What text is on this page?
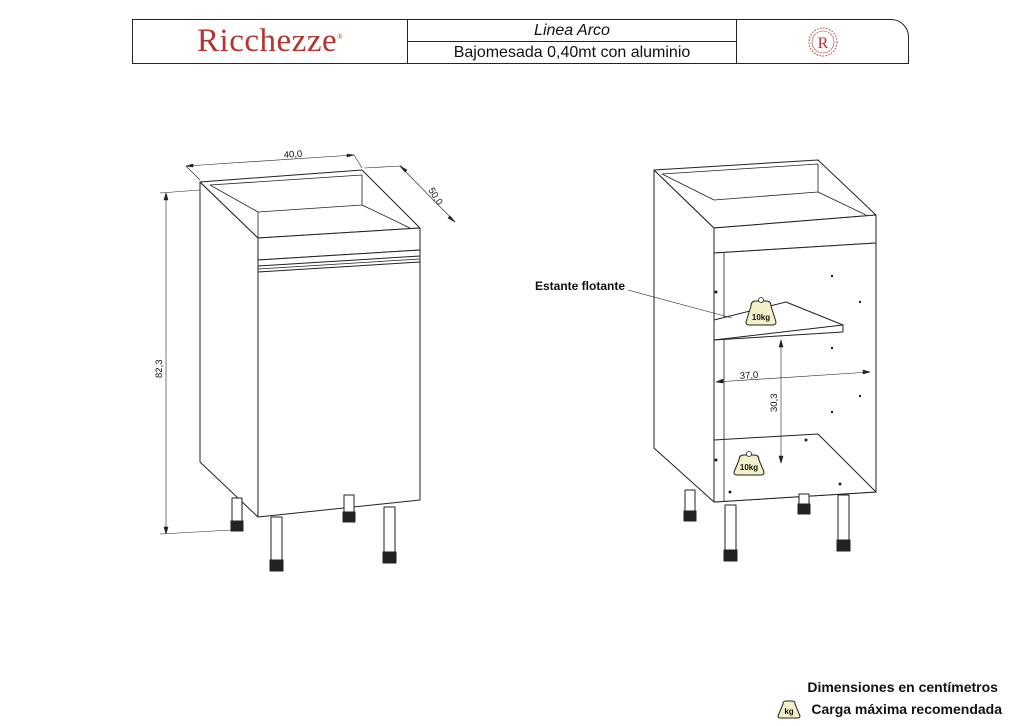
Ricchezze®	Linea Arco
Bajomesada 0,40mt con aluminio
R
40,0
50,0
82,3	37,0
30,3
Estante flotante
10kg
10kg
Dimensiones en centímetros
kg Carga máxima recomendada
